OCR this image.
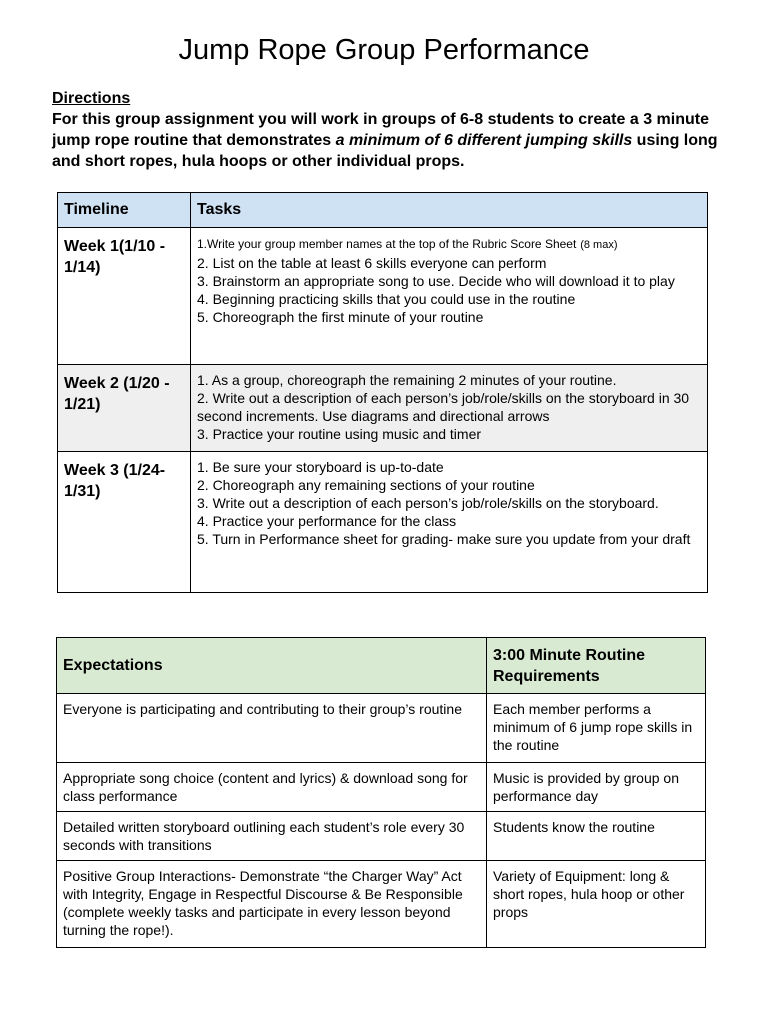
Jump Rope Group Performance
Directions
For this group assignment you will work in groups of 6-8 students to create a 3 minute jump rope routine that demonstrates a minimum of 6 different jumping skills using long and short ropes, hula hoops or other individual props.
Timeline	Tasks
Week 1(1/10 - 1/14)	1.Write your group member names at the top of the Rubric Score Sheet (8 max)
2. List on the table at least 6 skills everyone can perform
3. Brainstorm an appropriate song to use. Decide who will download it to play
4. Beginning practicing skills that you could use in the routine
5. Choreograph the first minute of your routine

Week 2 (1/20 - 1/21)	1. As a group, choreograph the remaining 2 minutes of your routine.
2. Write out a description of each person’s job/role/skills on the storyboard in 30 second increments. Use diagrams and directional arrows
3. Practice your routine using music and timer

Week 3 (1/24-1/31)	1. Be sure your storyboard is up-to-date
2. Choreograph any remaining sections of your routine
3. Write out a description of each person’s job/role/skills on the storyboard.
4. Practice your performance for the class
5. Turn in Performance sheet for grading- make sure you update from your draft
Expectations	3:00 Minute Routine Requirements
Everyone is participating and contributing to their group’s routine	Each member performs a minimum of 6 jump rope skills in the routine
Appropriate song choice (content and lyrics) & download song for class performance	Music is provided by group on performance day
Detailed written storyboard outlining each student’s role every 30 seconds with transitions	Students know the routine
Positive Group Interactions- Demonstrate “the Charger Way” Act with Integrity, Engage in Respectful Discourse & Be Responsible (complete weekly tasks and participate in every lesson beyond turning the rope!).	Variety of Equipment: long & short ropes, hula hoop or other props
